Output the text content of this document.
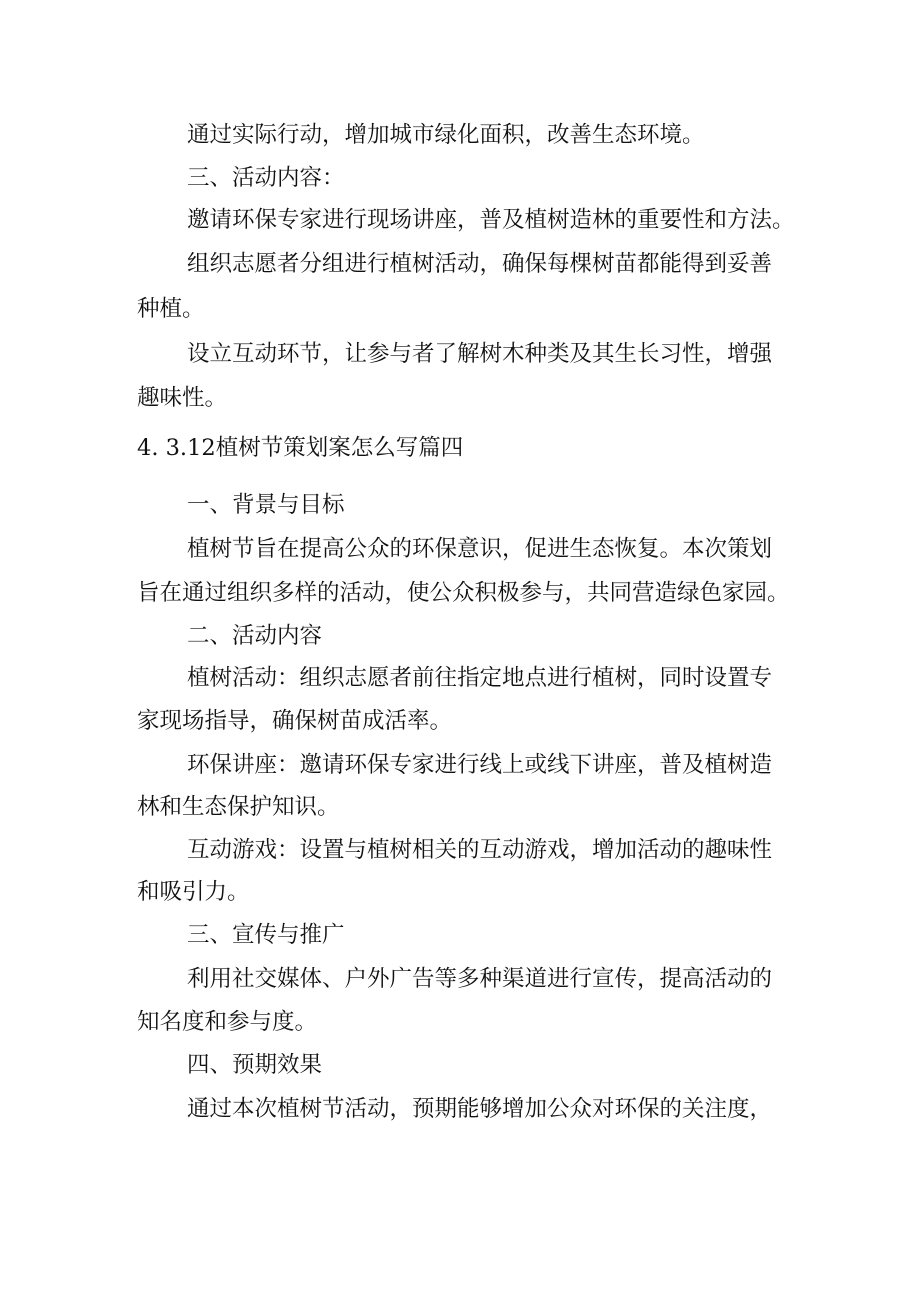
通过实际行动，增加城市绿化面积，改善生态环境。
三、活动内容：
邀请环保专家进行现场讲座，普及植树造林的重要性和方法。
组织志愿者分组进行植树活动，确保每棵树苗都能得到妥善
种植。
设立互动环节，让参与者了解树木种类及其生长习性，增强
趣味性。
4. 3.12植树节策划案怎么写篇四
一、背景与目标
植树节旨在提高公众的环保意识，促进生态恢复。本次策划
旨在通过组织多样的活动，使公众积极参与，共同营造绿色家园。
二、活动内容
植树活动：组织志愿者前往指定地点进行植树，同时设置专
家现场指导，确保树苗成活率。
环保讲座：邀请环保专家进行线上或线下讲座，普及植树造
林和生态保护知识。
互动游戏：设置与植树相关的互动游戏，增加活动的趣味性
和吸引力。
三、宣传与推广
利用社交媒体、户外广告等多种渠道进行宣传，提高活动的
知名度和参与度。
四、预期效果
通过本次植树节活动，预期能够增加公众对环保的关注度，
